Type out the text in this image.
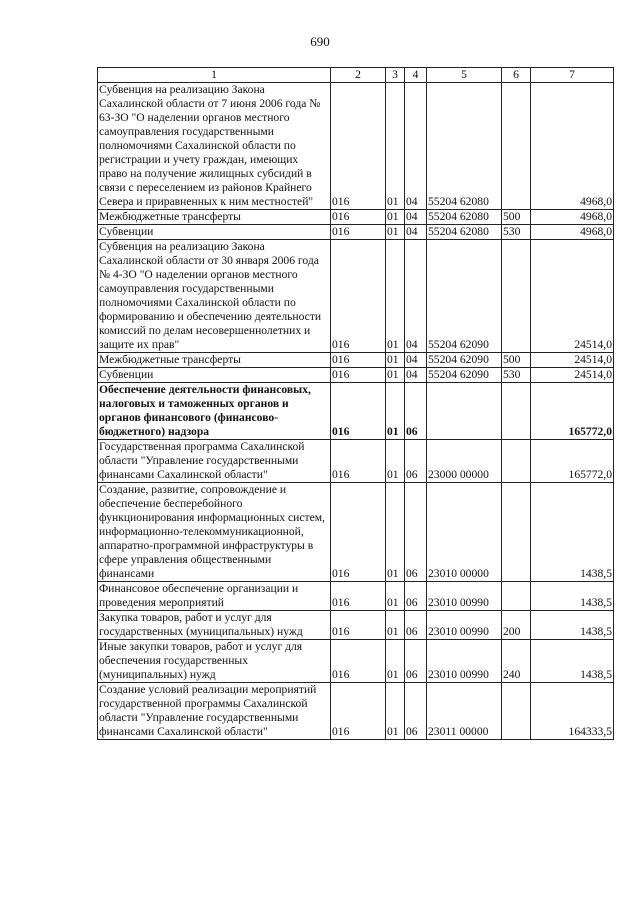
690
1	2	3	4	5	6	7
Субвенция на реализацию Закона Сахалинской области от 7 июня 2006 года № 63-ЗО "О наделении органов местного самоуправления государственными полномочиями Сахалинской области по регистрации и учету граждан, имеющих право на получение жилищных субсидий в связи с переселением из районов Крайнего Севера и приравненных к ним местностей"	016	01	04	55204 62080		4968,0
Межбюджетные трансферты	016	01	04	55204 62080	500	4968,0
Субвенции	016	01	04	55204 62080	530	4968,0
Субвенция на реализацию Закона Сахалинской области от 30 января 2006 года № 4-ЗО "О наделении органов местного самоуправления государственными полномочиями Сахалинской области по формированию и обеспечению деятельности комиссий по делам несовершеннолетних и защите их прав"	016	01	04	55204 62090		24514,0
Межбюджетные трансферты	016	01	04	55204 62090	500	24514,0
Субвенции	016	01	04	55204 62090	530	24514,0
Обеспечение деятельности финансовых, налоговых и таможенных органов и органов финансового (финансово-бюджетного) надзора	016	01	06			165772,0
Государственная программа Сахалинской области "Управление государственными финансами Сахалинской области"	016	01	06	23000 00000		165772,0
Создание, развитие, сопровождение и обеспечение бесперебойного функционирования информационных систем, информационно-телекоммуникационной, аппаратно-программной инфраструктуры в сфере управления общественными финансами	016	01	06	23010 00000		1438,5
Финансовое обеспечение организации и проведения мероприятий	016	01	06	23010 00990		1438,5
Закупка товаров, работ и услуг для государственных (муниципальных) нужд	016	01	06	23010 00990	200	1438,5
Иные закупки товаров, работ и услуг для обеспечения государственных (муниципальных) нужд	016	01	06	23010 00990	240	1438,5
Создание условий реализации мероприятий государственной программы Сахалинской области "Управление государственными финансами Сахалинской области"	016	01	06	23011 00000		164333,5
